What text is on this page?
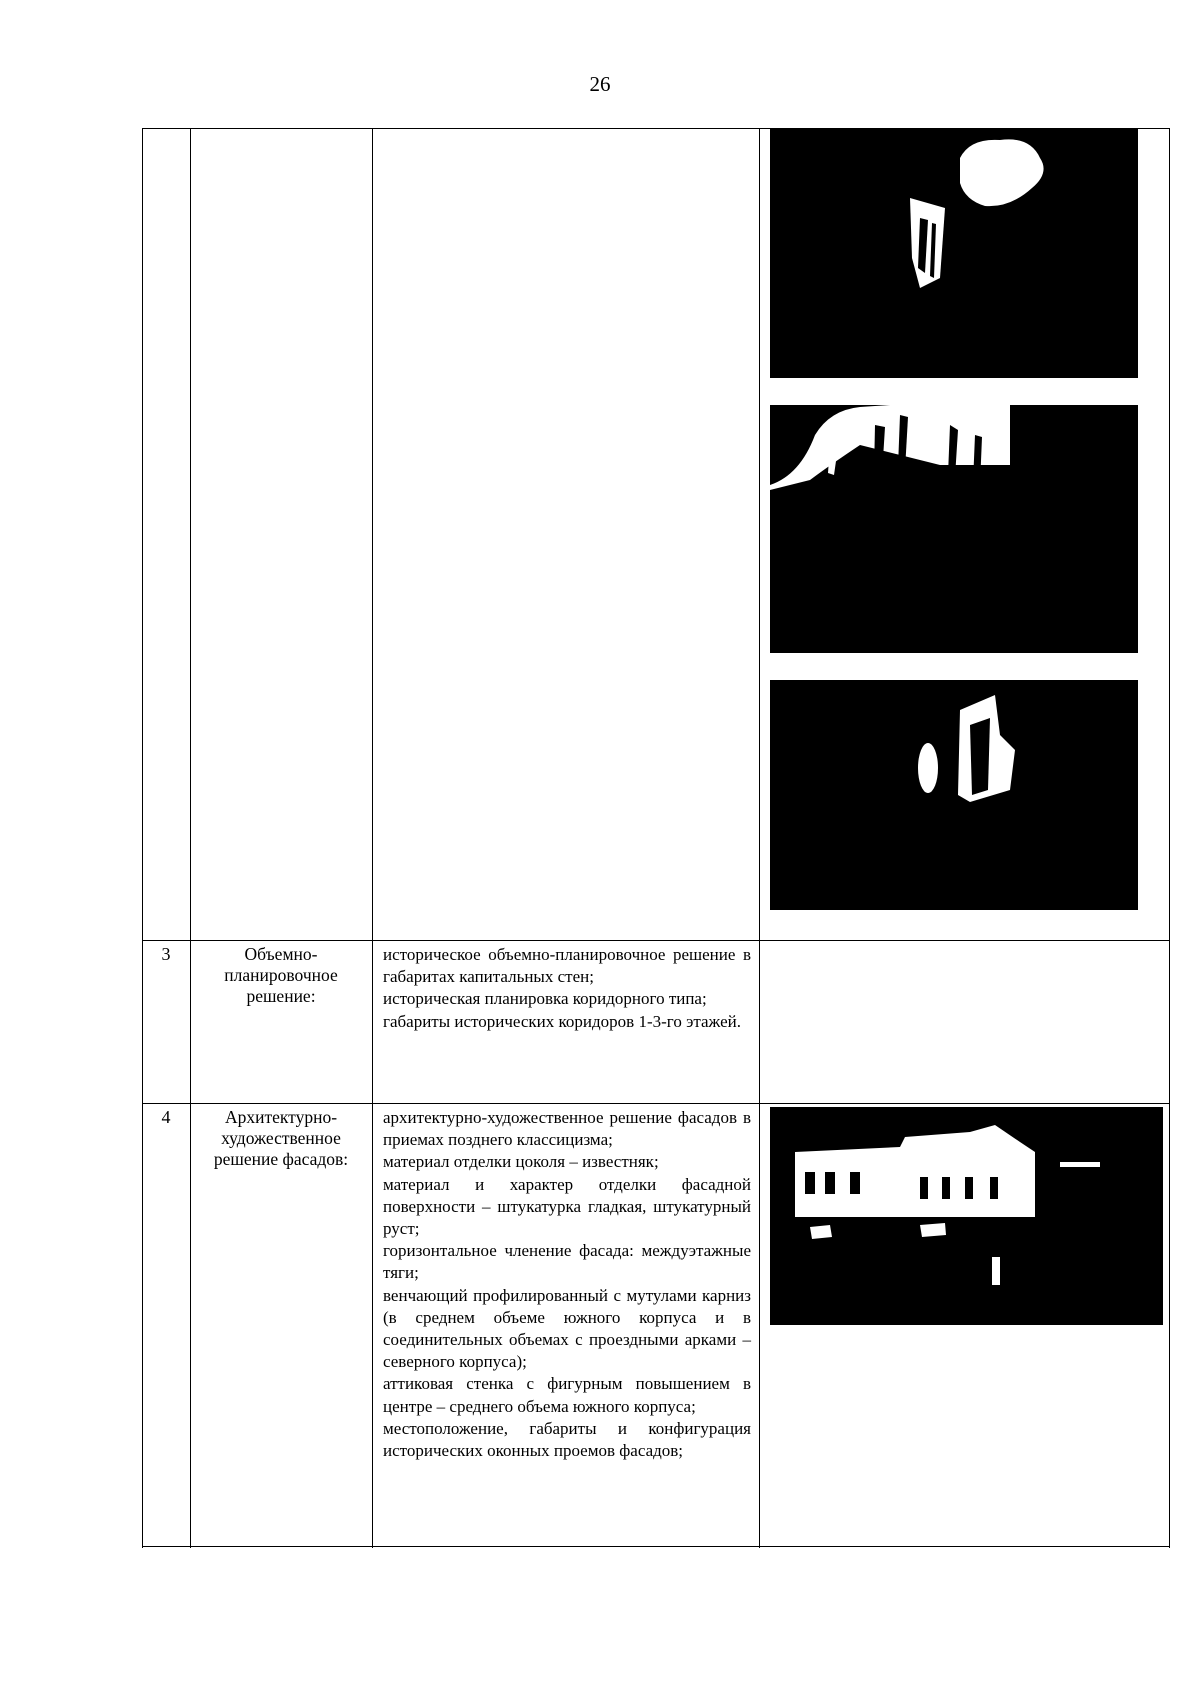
26
3	Объемно-планировочное решение:
историческое объемно-планировочное решение в габаритах капитальных стен;
историческая планировка коридорного типа;
габариты исторических коридоров 1-3-го этажей.
4	Архитектурно-художественное решение фасадов:
архитектурно-художественное решение фасадов в приемах позднего классицизма;
материал отделки цоколя – известняк;
материал и характер отделки фасадной поверхности – штукатурка гладкая, штукатурный руст;
горизонтальное членение фасада: междуэтажные тяги;
венчающий профилированный с мутулами карниз (в среднем объеме южного корпуса и в соединительных объемах с проездными арками – северного корпуса);
аттиковая стенка с фигурным повышением в центре – среднего объема южного корпуса;
местоположение, габариты и конфигурация исторических оконных проемов фасадов;
